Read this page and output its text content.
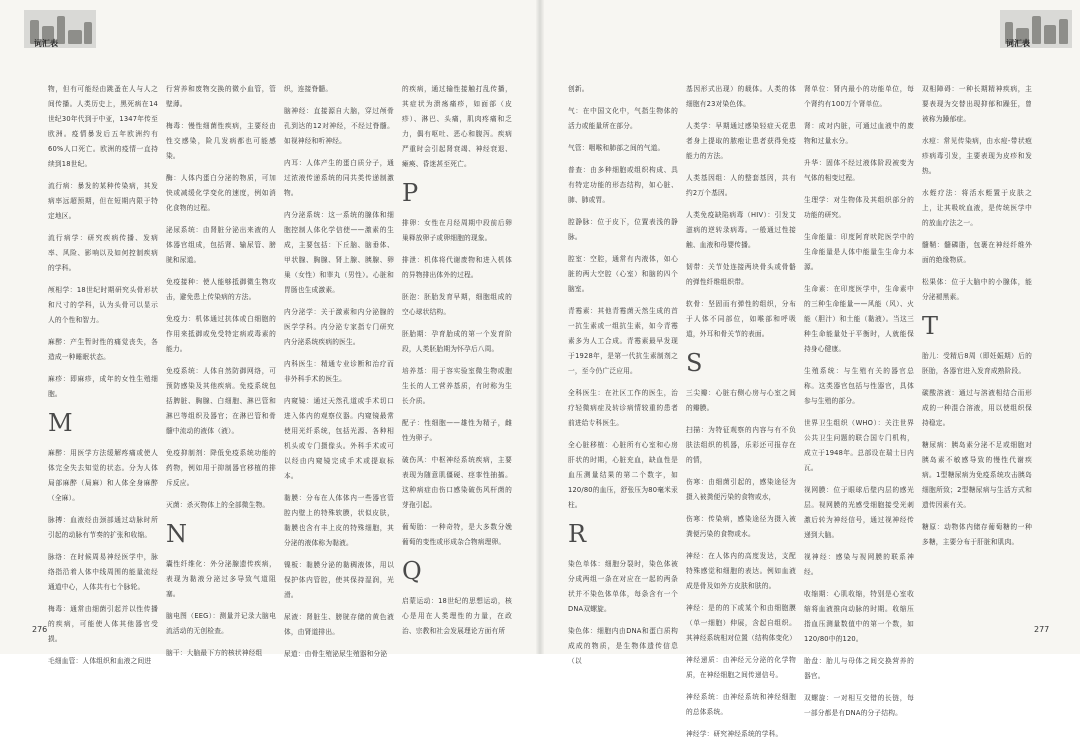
词汇表
物，但有可能经由跳蚤在人与人之间传播。人类历史上，黑死病在14世纪30年代到于中亚，1347年传至欧洲。疫情暴发后五年欧洲约有60%人口死亡。欧洲的疫情一直持续到18世纪。
流行病：暴发的某种传染病，其发病率远超预期，但在短期内限于特定地区。
流行病学：研究疾病传播、发病率、风险、影响以及如何控制疾病的学科。
颅相学：18世纪时期研究头骨形状和尺寸的学科，认为头骨可以显示人的个性和智力。
麻醉：产生暂时性的痛觉丧失，各造成一种睡眠状态。
麻疹：即麻疹，成年的女性生殖细胞。
M
麻醉：用医学方法缓解疼痛或使人体完全失去知觉的状态。分为人体局部麻醉（局麻）和人体全身麻醉（全麻）。
脉搏：血液经由颈部通过动脉时所引起的动脉有节奏的扩张和收缩。
脉络：在时候周易神经医学中，脉络指沿着人体中线周围的能量流经通道中心，人体共有七个脉轮。
梅毒：通常由细菌引起并以性传播的疾病，可能使人体其他器官受损。
毛细血管：人体组织和血液之间进
行营养和废物交换的微小血管，管壁薄。
梅毒：慢性细菌性疾病，主要经由性交感染，险几发病都也可能感染。
酶：人体内蛋白分泌的物质，可加快或减缓化学变化的速度，例如消化食物的过程。
泌尿系统：由肾脏分泌出来液的人体器官组成，包括肾、输尿管、膀胱和尿道。
免疫接种：使人能够抵御微生物攻击，避免患上传染病的方法。
免疫力：机体通过抗体或白细胞的作用来抵御或免受特定病或毒素的能力。
免疫系统：人体自然防御网络，可预防感染及其他疾病。免疫系统包括脾脏、胸腺、白细胞、淋巴管和淋巴等组织及器官；在淋巴管和骨髓中流动的液体（液）。
免疫抑制剂：降低免疫系统功能的药物，例如用于抑制器官移植的排斥反应。
灭菌：杀灭物体上的全部微生物。
N
囊性纤维化：外分泌腺遗传疾病，表现为黏液分泌过多导致气道阻塞。
脑电图（EEG）：测量并记录大脑电流活动的无创检查。
脑干：大脑最下方的核状神经组
织，连接脊髓。
脑神经：直接源自大脑，穿过颅骨孔到达的12对神经，不经过脊髓。如视神经和听神经。
内耳：人体产生的蛋白质分子，通过浓液传递系统的同共类传递制激物。
内分泌系统：这一系统的腺体和细胞控制人体化学信使——激素的生成，主要包括：下丘脑、脑垂体、甲状腺、胸腺、肾上腺、胰腺、卵巢（女性）和睾丸（男性）。心脏和胃肠也生成激素。
内分泌学：关于激素和内分泌腺的医学学科。内分泌专家指专门研究内分泌系统疾病的医生。
内科医生：精通专业诊断和治疗而非外科手术的医生。
内窥镜：通过天然孔道或手术切口进入体内的观察仪器。内窥镜最常使用光纤系统，包括光源、各种相机头或专门摄像头。外科手术或可以经由内窥镜完成手术或提取标本。
黏膜：分布在人体体内一些器官管腔内壁上的特殊软膜，状似皮肤，黏膜也含有丰上皮的特殊细胞，其分泌的液体称为黏液。
镍板：黏膜分泌的黏稠液体，用以保护体内管腔，使其保持湿润，光滑。
尿液：肾脏生、膀胱存储的黄色液体，由肾道排出。
尿道：由骨生殖泌尿生殖器和分泌
的疾病，通过输性接触打乱传播，其症状为溃疡痛疹，如面部（皮疹）、淋巴、头痛，肌肉疼痛和乏力，偶有呕吐、恶心和腹泻。疾病严重时会引起肾衰竭、神经衰退、瘫痪、昏迷甚至死亡。
P
排卵：女性在月经周期中段前后卵巢释放卵子或卵细胞的现象。
排泄：机体将代谢废物和进入机体的异物排出体外的过程。
胚泡：胚胎发育早期，细胞组成的空心球状结构。
胚胎期：孕育胎成的第一个发育阶段，人类胚胎期为怀孕后八周。
培养基：用于容实验室微生物或胞生长的人工营养基质，有时称为生长介质。
配子：性细胞——雄性为精子，雌性为卵子。
破伤风：中枢神经系统疾病，主要表现为随意肌僵硬、痉挛性抽搐。这种病症由伤口感染破伤风杆菌的芽孢引起。
葡萄胎：一种奇特，是大多数分娩葡萄的变性或形成杂合物病理卵。
Q
启蒙运动：18世纪的思想运动，核心是用在人类理性的力量，在政治、宗教和社会发展理论方面有所
276
词汇表
创新。
气：在中国文化中，气指生物体的活力或能量所在部分。
气管：咽喉和肺部之间的气道。
普查：由多种细胞或组织构成、具有特定功能的形态结构，如心脏、肺、肺或胃。
腔静脉：位于皮下，位置表浅的静脉。
腔室：空腔，通常有内液体，如心脏的两大空腔（心室）和脑的四个脑室。
青霉素：其他青霉菌天然生成的首一抗生素或一组抗生素，如今青霉素多为人工合成。青霉素最早发现于1928年，是第一代抗生素制剂之一，至今仍广泛应用。
全科医生：在社区工作的医生，治疗轻微病症及转诊病情较重的患者前进给专科医生。
全心脏移植：心脏所有心室和心房肝状的时期，心脏充血，缺血性是血压测量结果的第二个数字，如120/80的血压，舒张压为80毫米汞柱。
R
染色单体：细胞分裂时，染色体被分成两组一条在对应在一起的两条状并不染色体单体，每条含有一个DNA双螺旋。
染色体：细胞内由DNA和蛋白质构成成的物质，是生物体遗传信息（以
基因形式出现）的载体。人类的体细胞有23对染色体。
人类学：早期通过感染轻症天花患者身上提取的脓疱让患者获得免疫能力的方法。
人类基因组：人的整套基因，共有约2万个基因。
人类免疫缺陷病毒（HIV）：引发艾滋病的逆转录病毒。一般通过性接触、血液和母婴传播。
韧带：关节处连接两块骨头或骨骼的弹性纤维组织带。
软骨：坚固而有弹性的组织，分布于人体不同部位，如喉部和呼吸道，外耳和骨关节的表面。
S
三尖瓣：心脏右侧心房与心室之间的瓣膜。
扫描：为特征观察的内容与有不负肤法组织的机器，乐彩还可报存在的情，
伤寒：由细菌引起的，感染途径为摄入被粪便污染的食物或水，
伤寒：传染病，感染途径为摄入被粪便污染的食物或水。
神经：在人体内的高度发达，支配特殊感觉和细胞的表达。例如血液成是骨及如外方皮肤和肤的。
神经：是的的下或某个和由细胞膜（单一细胞）伸展，含起自组织。其神经系统相对位置（结构体变化）
神经递质：由神经元分泌的化学物质，在神经细胞之间传递信号。
神经系统：由神经系统和神经细胞的总体系统。
神经学：研究神经系统的学科。
肾单位：肾内最小的功能单位，每个肾约有100万个肾单位。
肾：成对内脏，可通过血液中的废物和过量水分。
升华：固体不经过液体阶段被变为气体的相变过程。
生理学：对生物体及其组织部分的功能的研究。
生命能量：印度阿育吠陀医学中的生命能量是人体中能量生生命力本源。
生命素：在印度医学中，生命素中的三种生命能量——风能（风）、火能（胆汁）和土能（黏液）。当这三种生命能量处于平衡时，人就能保持身心健康。
生殖系统：与生殖有关的器官总称。这类器官包括与性器官，具体参与生殖的部分。
世界卫生组织（WHO）：关注世界公共卫生问题的联合国专门机构，成立于1948年。总部设在瑞士日内瓦。
视网膜：位于眼球后壁内层的感光层。视网膜的光感受细胞接受光刺激后转为神经信号，通过视神经传递到大脑。
视神经：感染与视网膜的联系神经。
收缩期：心肌收缩，特别是心室收缩将血液推向动脉的时期。收缩压指血压测量数值中的第一个数，如120/80中的120。
胎盘：胎儿与母体之间交换营养的器官。
双螺旋：一对相互交错的长链，每一部分都是有DNA的分子结构。
双相障碍：一种长期精神疾病，主要表现为交替出现抑郁和躁狂，曾被称为躁郁症。
水痘：常见传染病，由水痘-带状疱疹病毒引发，主要表现为皮疹和发热。
水蛭疗法：将活水蛭置于皮肤之上，让其吸吮血液，是传统医学中的放血疗法之一。
髓鞘：髓磷脂，包裹在神经纤维外面的绝缘物质。
松果体：位于大脑中的小腺体，能分泌褪黑素。
T
胎儿：受精后8周（即妊娠期）后的胚胎，各器官进入发育成熟阶段。
碳酸溶液：通过与溶液相结合而形成的一种混合溶液，用以使组织保持稳定。
糖尿病：胰岛素分泌不足或细胞对胰岛素不敏感导致的慢性代谢疾病。1型糖尿病为免疫系统攻击胰岛细胞所致；2型糖尿病与生活方式和遗传因素有关。
糖原：动物体内储存葡萄糖的一种多糖，主要分布于肝脏和肌肉。
277
